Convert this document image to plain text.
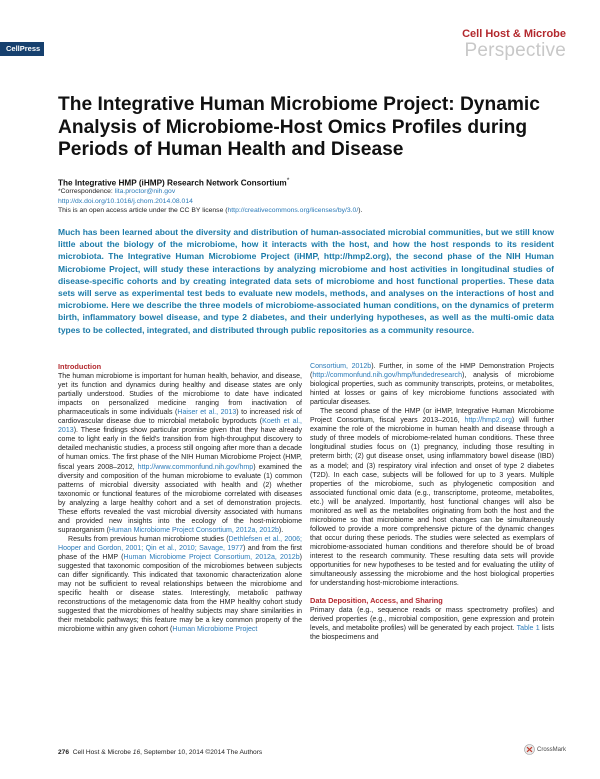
CellPress
Cell Host & Microbe
Perspective
The Integrative Human Microbiome Project: Dynamic Analysis of Microbiome-Host Omics Profiles during Periods of Human Health and Disease
The Integrative HMP (iHMP) Research Network Consortium*
*Correspondence: lita.proctor@nih.gov
http://dx.doi.org/10.1016/j.chom.2014.08.014
This is an open access article under the CC BY license (http://creativecommons.org/licenses/by/3.0/).

Much has been learned about the diversity and distribution of human-associated microbial communities, but we still know little about the biology of the microbiome, how it interacts with the host, and how the host responds to its resident microbiota. The Integrative Human Microbiome Project (iHMP, http://hmp2.org), the second phase of the NIH Human Microbiome Project, will study these interactions by analyzing microbiome and host activities in longitudinal studies of disease-specific cohorts and by creating integrated data sets of microbiome and host functional properties. These data sets will serve as experimental test beds to evaluate new models, methods, and analyses on the interactions of host and microbiome. Here we describe the three models of microbiome-associated human conditions, on the dynamics of preterm birth, inflammatory bowel disease, and type 2 diabetes, and their underlying hypotheses, as well as the multi-omic data types to be collected, integrated, and distributed through public repositories as a community resource.

Introduction

The human microbiome is important for human health, behavior, and disease, yet its function and dynamics during healthy and disease states are only partially understood. Studies of the microbiome to date have indicated impacts on personalized medicine ranging from inactivation of pharmaceuticals in some individuals (Haiser et al., 2013) to increased risk of cardiovascular disease due to microbial metabolic byproducts (Koeth et al., 2013). These findings show particular promise given that they have already come to light early in the field’s transition from high-throughput discovery to detailed mechanistic studies, a process still ongoing after more than a decade of human omics. The first phase of the NIH Human Microbiome Project (HMP, fiscal years 2008–2012, http://www.commonfund.nih.gov/hmp) examined the diversity and composition of the human microbiome to evaluate (1) common patterns of microbial diversity associated with health and (2) whether taxonomic or functional features of the microbiome correlated with diseases by analyzing a large healthy cohort and a set of demonstration projects. These efforts revealed the vast microbial diversity associated with humans and provided new insights into the ecology of the host-microbiome supraorganism (Human Microbiome Project Consortium, 2012a, 2012b).

Results from previous human microbiome studies (Dethlefsen et al., 2006; Hooper and Gordon, 2001; Qin et al., 2010; Savage, 1977) and from the first phase of the HMP (Human Microbiome Project Consortium, 2012a, 2012b) suggested that taxonomic composition of the microbiomes between subjects can differ significantly. This indicated that taxonomic characterization alone may not be sufficient to reveal relationships between the microbiome and specific health or disease states. Interestingly, metabolic pathway reconstructions of the metagenomic data from the HMP healthy cohort study suggested that the microbiomes of healthy subjects may share similarities in their metabolic pathways; this feature may be a key common property of the microbiome within any given cohort (Human Microbiome Project

Consortium, 2012b). Further, in some of the HMP Demonstration Projects (http://commonfund.nih.gov/hmp/fundedresearch), analysis of microbiome biological properties, such as community transcripts, proteins, or metabolites, hinted at losses or gains of key microbiome functions associated with particular diseases.

The second phase of the HMP (or iHMP, Integrative Human Microbiome Project Consortium, fiscal years 2013–2016, http://hmp2.org) will further examine the role of the microbiome in human health and disease through a study of three models of microbiome-related human conditions. These three longitudinal studies focus on (1) pregnancy, including those resulting in preterm birth; (2) gut disease onset, using inflammatory bowel disease (IBD) as a model; and (3) respiratory viral infection and onset of type 2 diabetes (T2D). In each case, subjects will be followed for up to 3 years. Multiple properties of the microbiome, such as phylogenetic composition and associated functional omic data (e.g., transcriptome, proteome, metabolites, etc.) will be analyzed. Importantly, host functional changes will also be monitored as well as the metabolites originating from both the host and the microbiome so that microbiome and host changes can be simultaneously followed to provide a more comprehensive picture of the dynamic changes that occur during these periods. The studies were selected as exemplars of microbiome-associated human conditions and therefore should be of broad interest to the research community. These resulting data sets will provide opportunities for new hypotheses to be tested and for evaluating the utility of simultaneously assessing the microbiome and the host biological properties for understanding host-microbiome interactions.

Data Deposition, Access, and Sharing

Primary data (e.g., sequence reads or mass spectrometry profiles) and derived properties (e.g., microbial composition, gene expression and protein levels, and metabolite profiles) will be generated by each project. Table 1 lists the biospecimens and

276 Cell Host & Microbe 16, September 10, 2014 ©2014 The Authors	CrossMark
